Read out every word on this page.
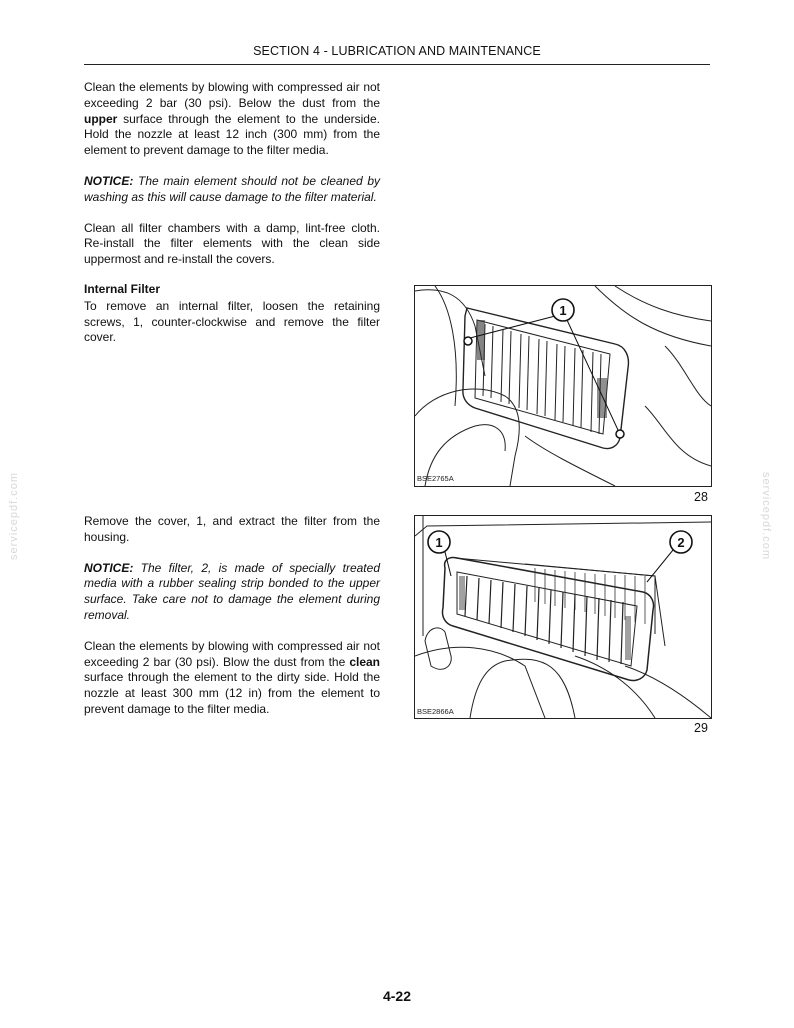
SECTION 4 - LUBRICATION AND MAINTENANCE

Clean the elements by blowing with compressed air not exceeding 2 bar (30 psi). Below the dust from the upper surface through the element to the underside. Hold the nozzle at least 12 inch (300 mm) from the element to prevent damage to the filter media.

NOTICE: The main element should not be cleaned by washing as this will cause damage to the filter material.

Clean all filter chambers with a damp, lint-free cloth. Re-install the filter elements with the clean side uppermost and re-install the covers.

Internal Filter

To remove an internal filter, loosen the retaining screws, 1, counter-clockwise and remove the filter cover.

Remove the cover, 1, and extract the filter from the housing.

NOTICE: The filter, 2, is made of specially treated media with a rubber sealing strip bonded to the upper surface. Take care not to damage the element during removal.

Clean the elements by blowing with compressed air not exceeding 2 bar (30 psi). Blow the dust from the clean surface through the element to the dirty side. Hold the nozzle at least 300 mm (12 in) from the element to prevent damage to the filter media.

1
BSE2765A
28
1	2
BSE2866A
29
servicepdf.com	servicepdf.com
4-22
